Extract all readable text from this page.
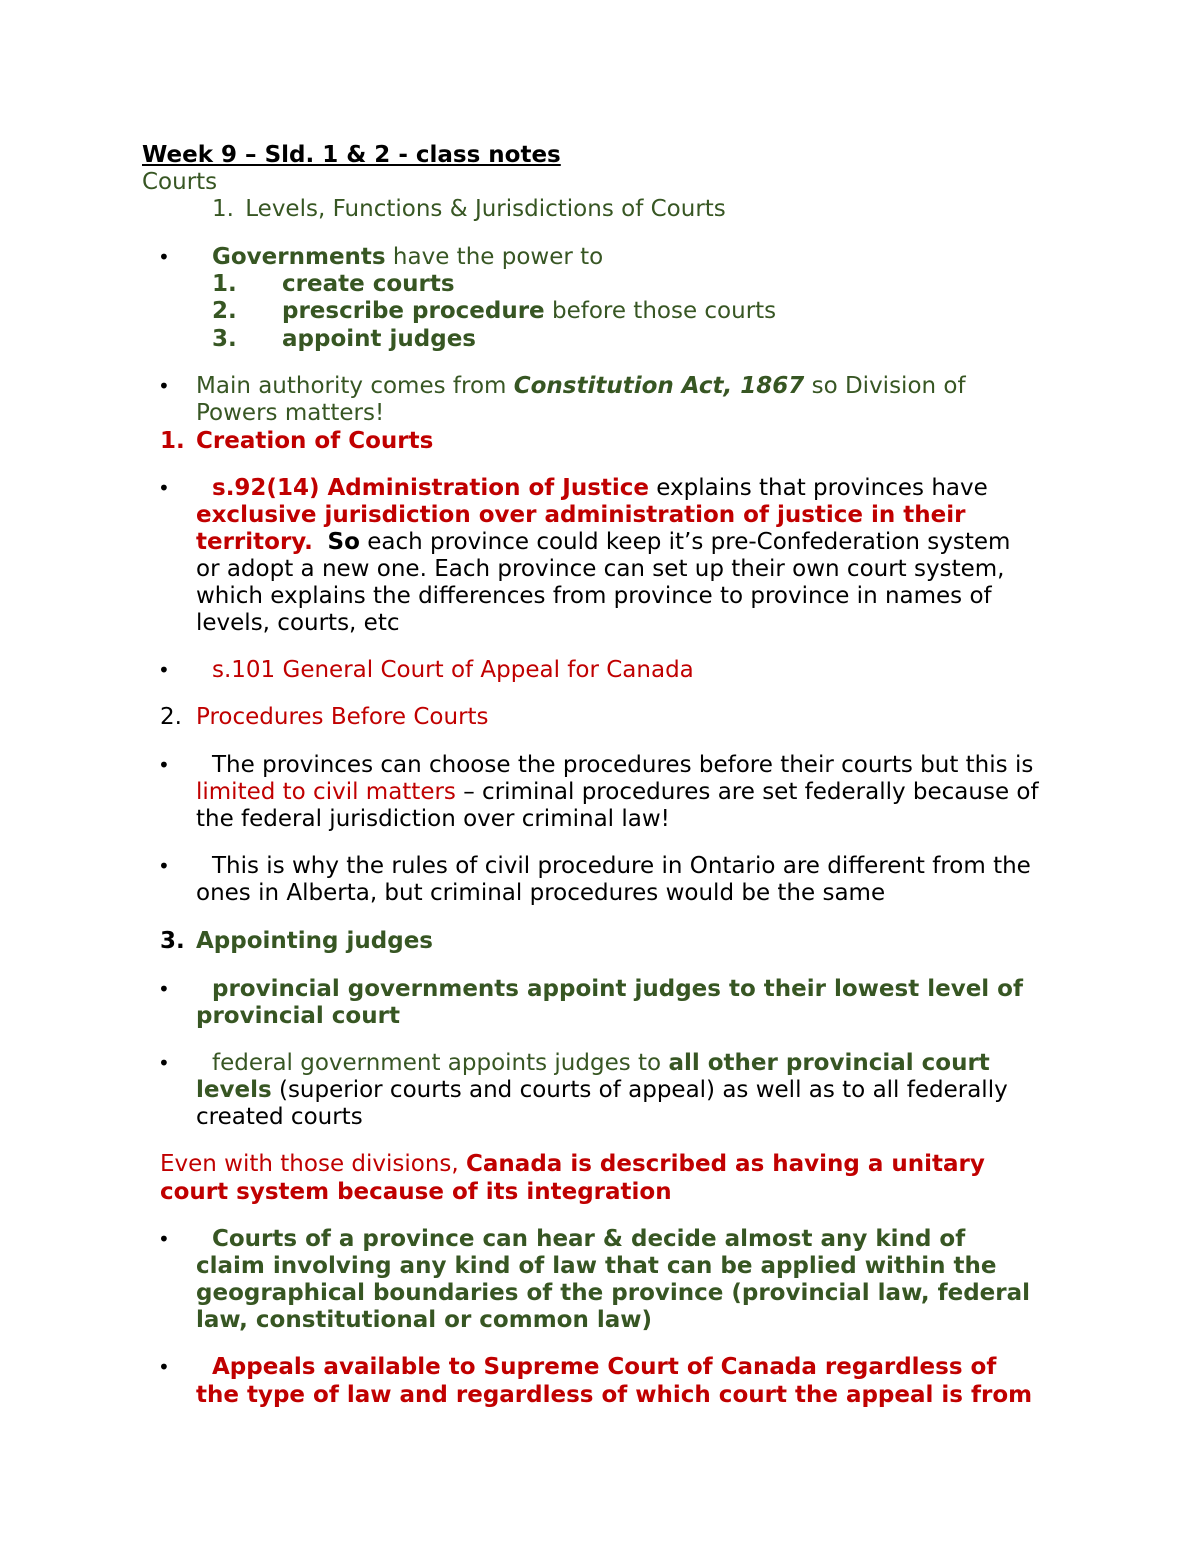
Week 9 – Sld. 1 & 2 - class notes
Courts
1. Levels, Functions & Jurisdictions of Courts
• Governments have the power to
1. create courts
2. prescribe procedure before those courts
3. appoint judges
• Main authority comes from Constitution Act, 1867 so Division of
Powers matters!
1. Creation of Courts
• s.92(14) Administration of Justice explains that provinces have
exclusive jurisdiction over administration of justice in their
territory. So each province could keep it’s pre-Confederation system
or adopt a new one. Each province can set up their own court system,
which explains the differences from province to province in names of
levels, courts, etc
• s.101 General Court of Appeal for Canada
2. Procedures Before Courts
• The provinces can choose the procedures before their courts but this is
limited to civil matters – criminal procedures are set federally because of
the federal jurisdiction over criminal law!
• This is why the rules of civil procedure in Ontario are different from the
ones in Alberta, but criminal procedures would be the same
3. Appointing judges
• provincial governments appoint judges to their lowest level of
provincial court
• federal government appoints judges to all other provincial court
levels (superior courts and courts of appeal) as well as to all federally
created courts
Even with those divisions, Canada is described as having a unitary
court system because of its integration
• Courts of a province can hear & decide almost any kind of
claim involving any kind of law that can be applied within the
geographical boundaries of the province (provincial law, federal
law, constitutional or common law)
• Appeals available to Supreme Court of Canada regardless of
the type of law and regardless of which court the appeal is from
